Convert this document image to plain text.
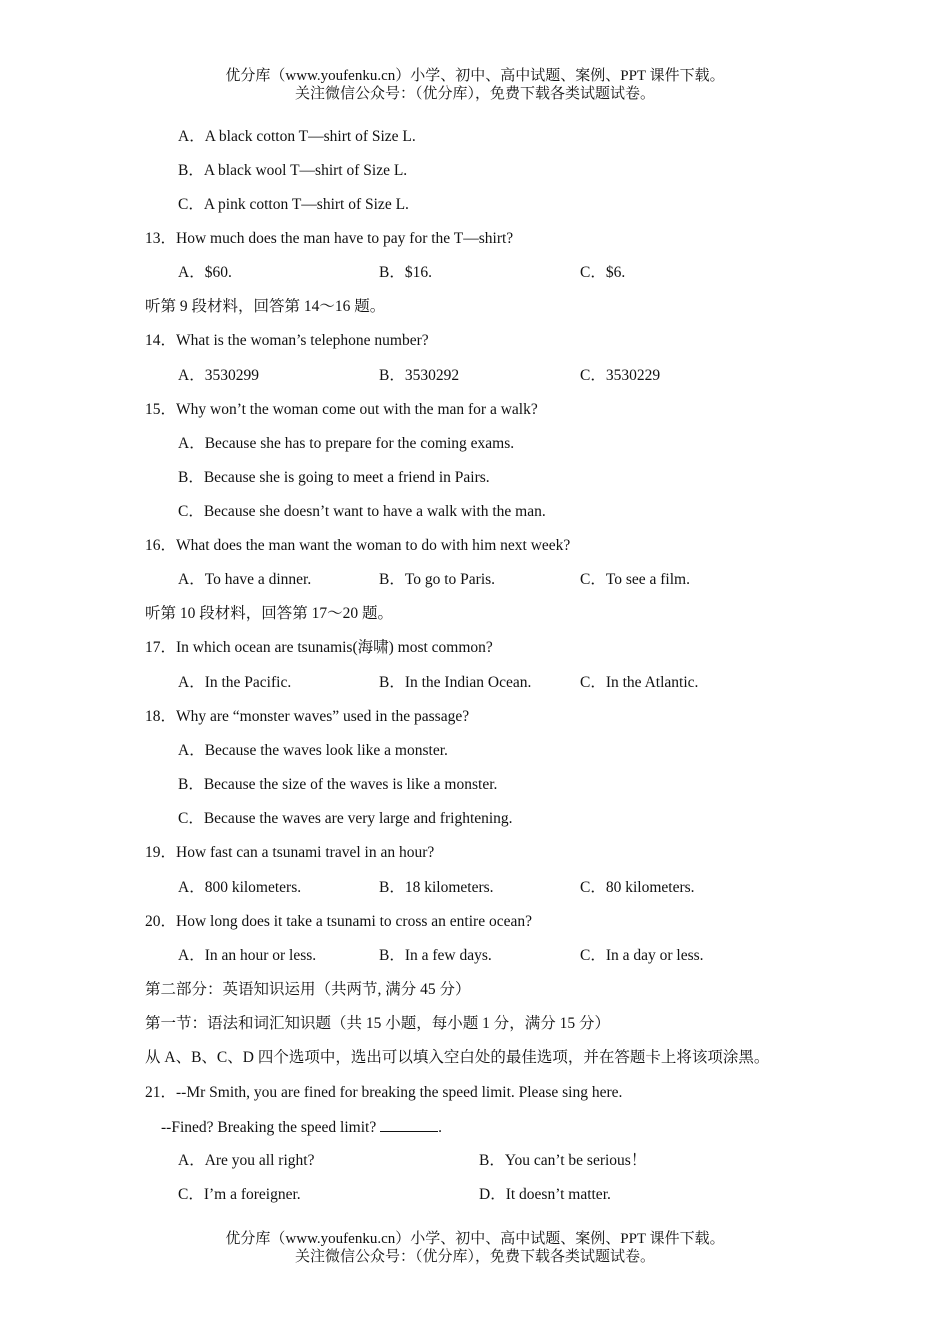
优分库（www.youfenku.cn）小学、初中、高中试题、案例、PPT 课件下载。
关注微信公众号：（优分库），免费下载各类试题试卷。
A．A black cotton T—shirt of Size L.
B．A black wool T—shirt of Size L.
C．A pink cotton T—shirt of Size L.
13．How much does the man have to pay for the T—shirt?
A．$60.	B．$16.	C．$6.
听第 9 段材料，回答第 14～16 题。
14．What is the woman’s telephone number?
A．3530299	B．3530292	C．3530229
15．Why won’t the woman come out with the man for a walk?
A．Because she has to prepare for the coming exams.
B．Because she is going to meet a friend in Pairs.
C．Because she doesn’t want to have a walk with the man.
16．What does the man want the woman to do with him next week?
A．To have a dinner.	B．To go to Paris.	C．To see a film.
听第 10 段材料，回答第 17～20 题。
17．In which ocean are tsunamis(海啸) most common?
A．In the Pacific.	B．In the Indian Ocean.	C．In the Atlantic.
18．Why are “monster waves” used in the passage?
A．Because the waves look like a monster.
B．Because the size of the waves is like a monster.
C．Because the waves are very large and frightening.
19．How fast can a tsunami travel in an hour?
A．800 kilometers.	B．18 kilometers.	C．80 kilometers.
20．How long does it take a tsunami to cross an entire ocean?
A．In an hour or less.	B．In a few days.	C．In a day or less.
第二部分：英语知识运用（共两节, 满分 45 分）
第一节：语法和词汇知识题（共 15 小题，每小题 1 分，满分 15 分）
从 A、B、C、D 四个选项中，选出可以填入空白处的最佳选项，并在答题卡上将该项涂黑。
21．--Mr Smith, you are fined for breaking the speed limit. Please sing here.
--Fined? Breaking the speed limit?	.
A．Are you all right?	B．You can’t be serious！
C．I’m a foreigner.	D．It doesn’t matter.
优分库（www.youfenku.cn）小学、初中、高中试题、案例、PPT 课件下载。
关注微信公众号：（优分库），免费下载各类试题试卷。
